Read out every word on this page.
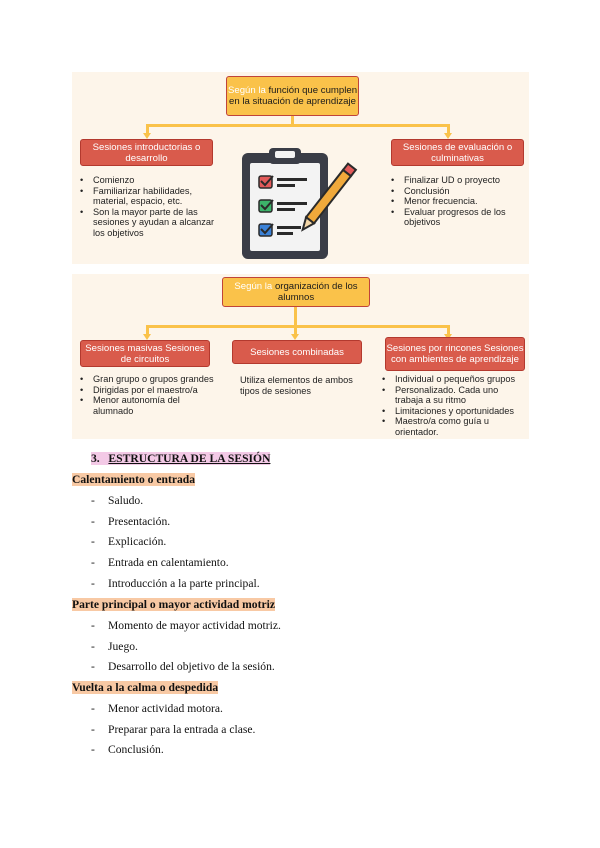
Según la función que cumplen en la situación de aprendizaje
Sesiones introductorias o desarrollo
Sesiones de evaluación o culminativas
• Comienzo
• Familiarizar habilidades, material, espacio, etc.
• Son la mayor parte de las sesiones y ayudan a alcanzar los objetivos
• Finalizar UD o proyecto
• Conclusión
• Menor frecuencia.
• Evaluar progresos de los objetivos
Según la organización de los alumnos
Sesiones masivas Sesiones de circuitos
Sesiones combinadas	Sesiones por rincones Sesiones con ambientes de aprendizaje
• Gran grupo o grupos grandes
• Dirigidas por el maestro/a
• Menor autonomía del alumnado
Utiliza elementos de ambos tipos de sesiones
• Individual o pequeños grupos
• Personalizado. Cada uno trabaja a su ritmo
• Limitaciones y oportunidades
• Maestro/a como guía u orientador.
3. ESTRUCTURA DE LA SESIÓN
Calentamiento o entrada
- Saludo.
- Presentación.
- Explicación.
- Entrada en calentamiento.
- Introducción a la parte principal.
Parte principal o mayor actividad motriz
- Momento de mayor actividad motriz.
- Juego.
- Desarrollo del objetivo de la sesión.
Vuelta a la calma o despedida
- Menor actividad motora.
- Preparar para la entrada a clase.
- Conclusión.
